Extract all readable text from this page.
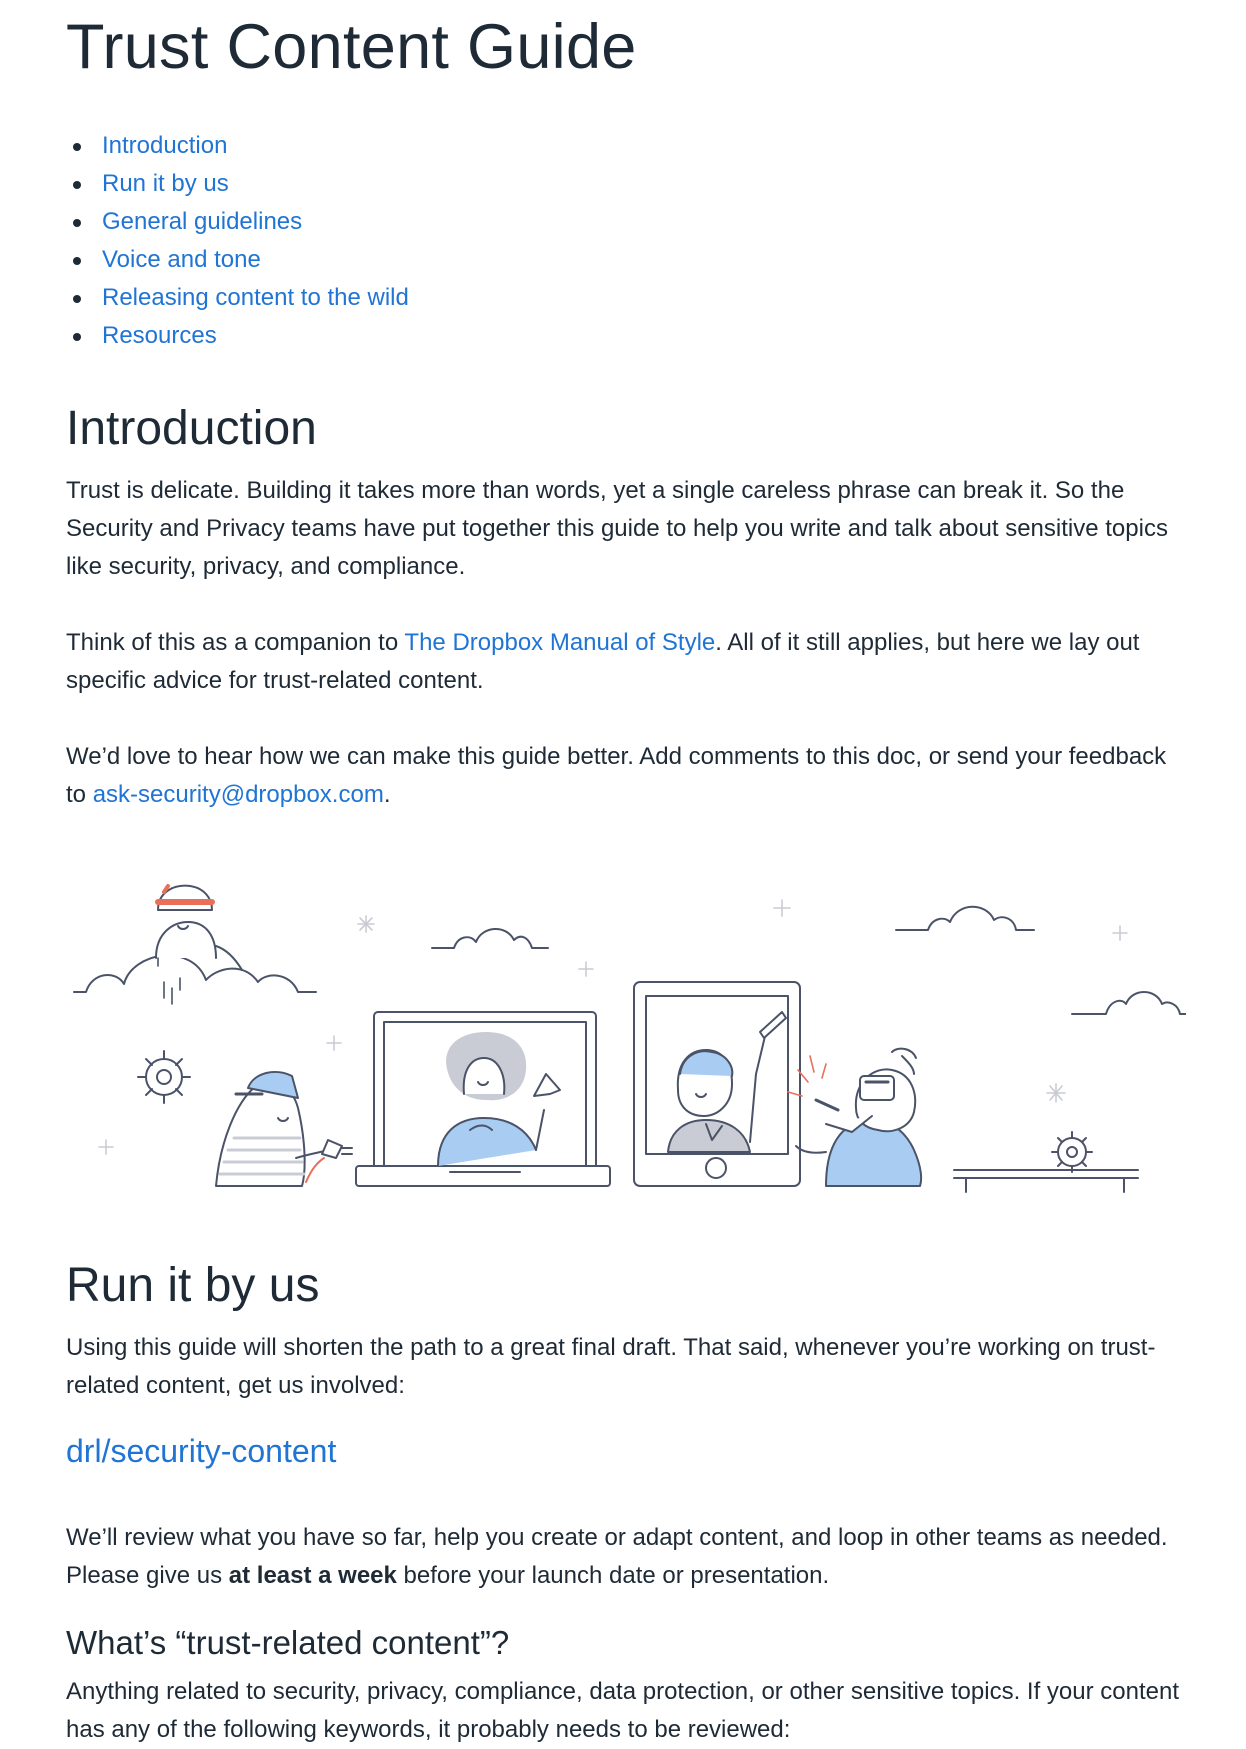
Trust Content Guide
Introduction
Run it by us
General guidelines
Voice and tone
Releasing content to the wild
Resources
Introduction

Trust is delicate. Building it takes more than words, yet a single careless phrase can break it. So the Security and Privacy teams have put together this guide to help you write and talk about sensitive topics like security, privacy, and compliance.

Think of this as a companion to The Dropbox Manual of Style. All of it still applies, but here we lay out specific advice for trust-related content.

We’d love to hear how we can make this guide better. Add comments to this doc, or send your feedback to ask-security@dropbox.com.

Run it by us

Using this guide will shorten the path to a great final draft. That said, whenever you’re working on trust-related content, get us involved:

drl/security-content

We’ll review what you have so far, help you create or adapt content, and loop in other teams as needed. Please give us at least a week before your launch date or presentation.

What’s “trust-related content”?

Anything related to security, privacy, compliance, data protection, or other sensitive topics. If your content has any of the following keywords, it probably needs to be reviewed:
